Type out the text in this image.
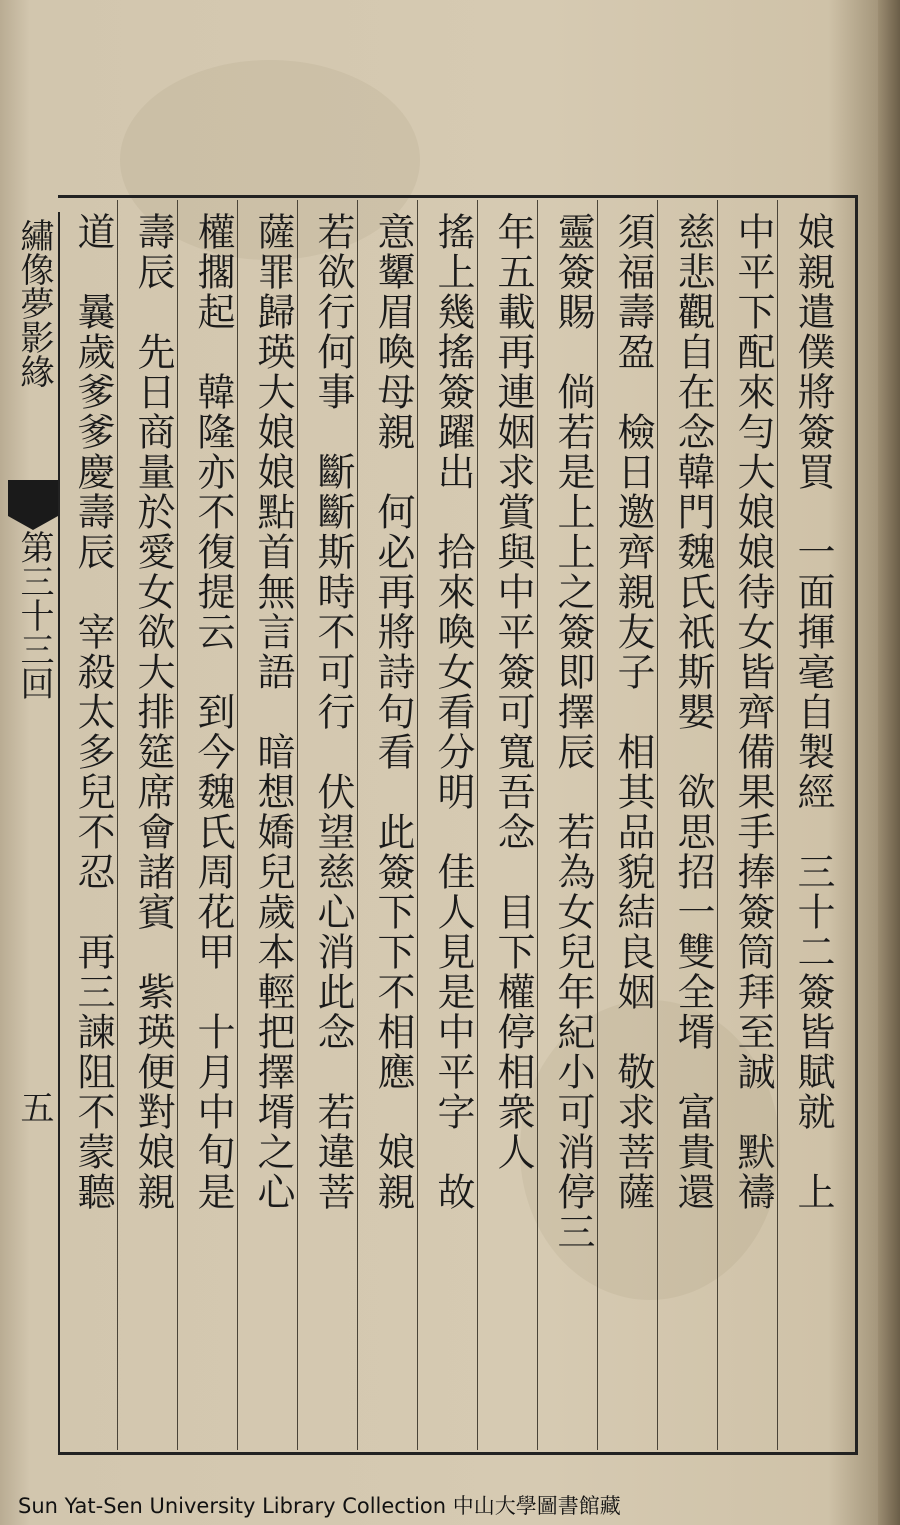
繡像夢影緣
第三十三回
五	娘親遣僕將簽買　一面揮毫自製經　三十二簽皆賦就　上
中平下配來勻大娘娘待女皆齊備果手捧簽筒拜至誠　默禱
慈悲觀自在念韓門魏氏祇斯嬰　欲思招一雙全壻　富貴還
須福壽盈　檢日邀齊親友子　相其品貌結良姻　敬求菩薩
靈簽賜　倘若是上上之簽即擇辰　若為女兒年紀小可消停三
年五載再連姻求賞與中平簽可寬吾念　目下權停相衆人
搖上幾搖簽躍出　拾來喚女看分明　佳人見是中平字　故
意顰眉喚母親　何必再將詩句看　此簽下下不相應　娘親
若欲行何事　斷斷斯時不可行　伏望慈心消此念　若違菩
薩罪歸瑛大娘娘點首無言語　暗想嬌兒歲本輕把擇壻之心
權擱起　韓隆亦不復提云　到今魏氏周花甲　十月中旬是
壽辰　先日商量於愛女欲大排筵席會諸賓　紫瑛便對娘親
道　曩歲爹爹慶壽辰　宰殺太多兒不忍　再三諫阻不蒙聽
Sun Yat-Sen University Library Collection 中山大學圖書館藏
